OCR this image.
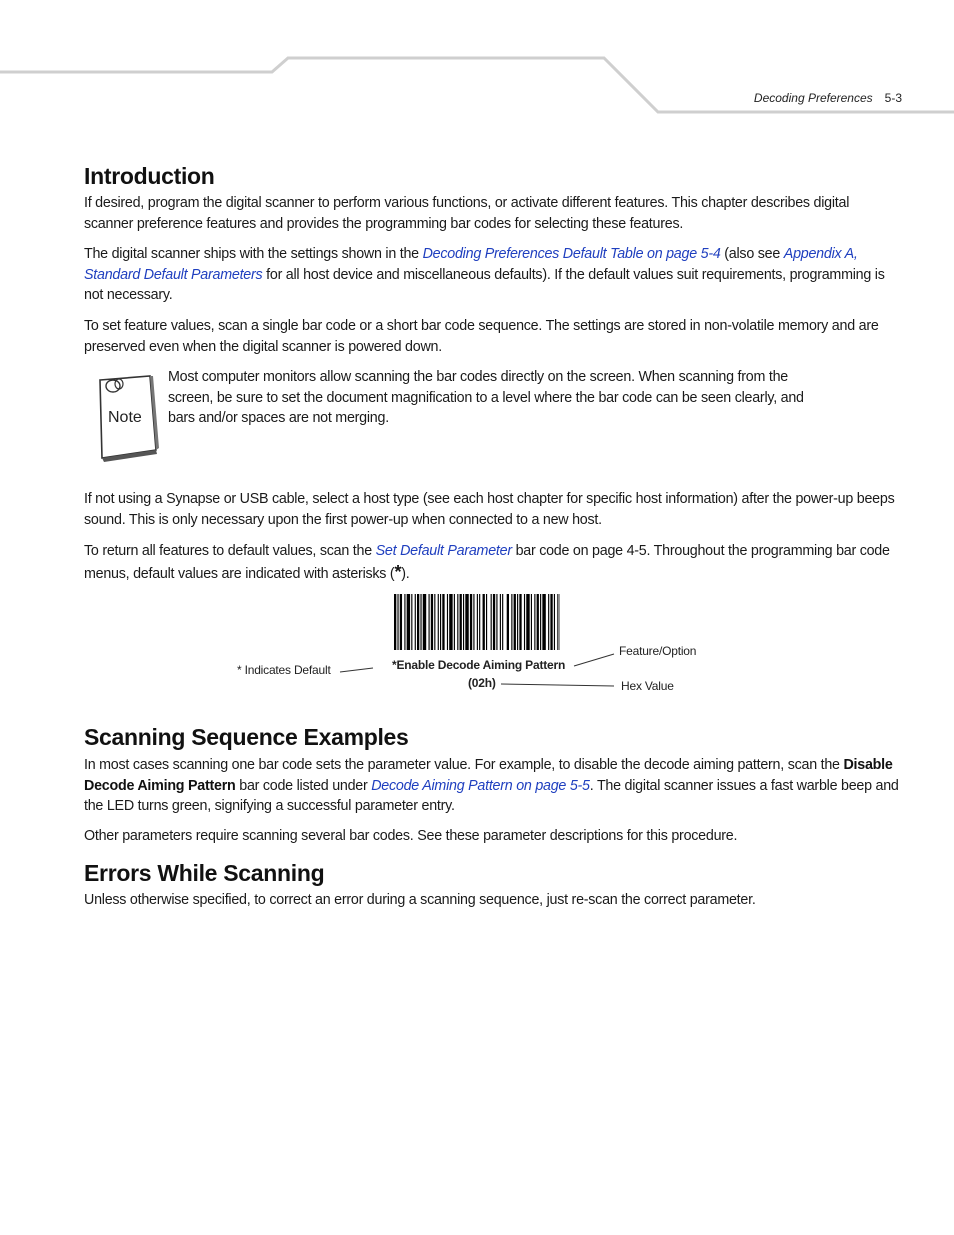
Decoding Preferences 5-3
Introduction

If desired, program the digital scanner to perform various functions, or activate different features. This chapter describes digital scanner preference features and provides the programming bar codes for selecting these features.

The digital scanner ships with the settings shown in the Decoding Preferences Default Table on page 5-4 (also see Appendix A, Standard Default Parameters for all host device and miscellaneous defaults). If the default values suit requirements, programming is not necessary.

To set feature values, scan a single bar code or a short bar code sequence. The settings are stored in non-volatile memory and are preserved even when the digital scanner is powered down.

If not using a Synapse or USB cable, select a host type (see each host chapter for specific host information) after the power-up beeps sound. This is only necessary upon the first power-up when connected to a new host.

To return all features to default values, scan the Set Default Parameter bar code on page 4-5. Throughout the programming bar code menus, default values are indicated with asterisks (*).

Scanning Sequence Examples

In most cases scanning one bar code sets the parameter value. For example, to disable the decode aiming pattern, scan the Disable Decode Aiming Pattern bar code listed under Decode Aiming Pattern on page 5-5. The digital scanner issues a fast warble beep and the LED turns green, signifying a successful parameter entry.

Other parameters require scanning several bar codes. See these parameter descriptions for this procedure.

Errors While Scanning

Unless otherwise specified, to correct an error during a scanning sequence, just re-scan the correct parameter.

Note
Most computer monitors allow scanning the bar codes directly on the screen. When scanning from the screen, be sure to set the document magnification to a level where the bar code can be seen clearly, and bars and/or spaces are not merging.
* Indicates Default	*Enable Decode Aiming Pattern
(02h)
Feature/Option
Hex Value
